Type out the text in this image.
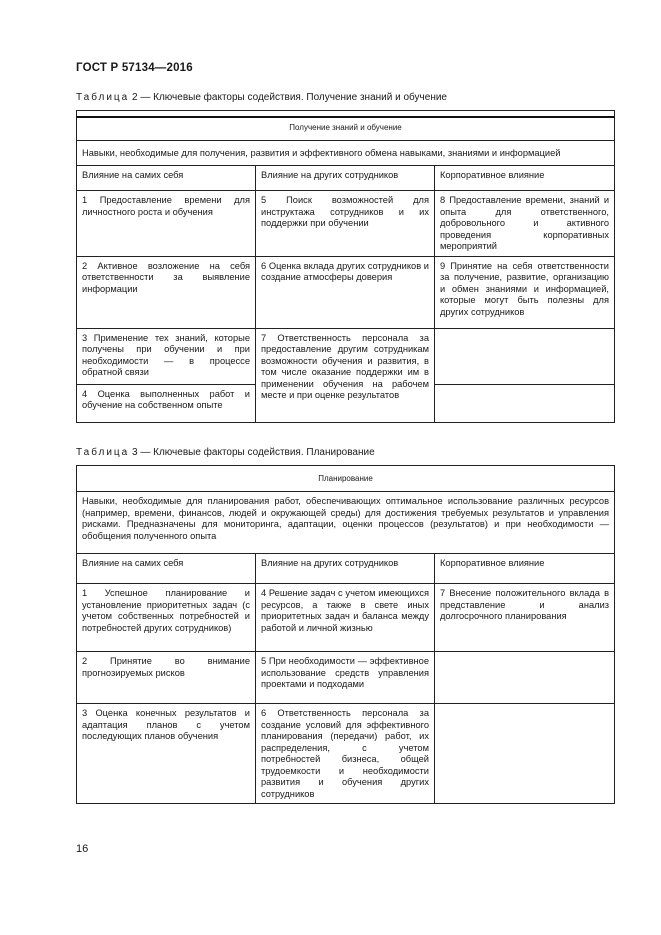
ГОСТ Р 57134—2016
Таблица 2 — Ключевые факторы содействия. Получение знаний и обучение

Получение знаний и обучение		
Навыки, необходимые для получения, развития и эффективного обмена навыками, знаниями и информацией		
Влияние на самих себя	Влияние на других сотрудников	Корпоративное влияние
1 Предоставление времени для личностного роста и обучения	5 Поиск возможностей для инструктажа сотрудников и их поддержки при обучении	8 Предоставление времени, знаний и опыта для ответственного, добровольного и активного проведения корпоративных мероприятий
2 Активное возложение на себя ответственности за выявление информации	6 Оценка вклада других сотрудников и создание атмосферы доверия	9 Принятие на себя ответственности за получение, развитие, организацию и обмен знаниями и информацией, которые могут быть полезны для других сотрудников
3 Применение тех знаний, которые получены при обучении и при необходимости — в процессе обратной связи	7 Ответственность персонала за предоставление другим сотрудникам возможности обучения и развития, в том числе оказание поддержки им в применении обучения на рабочем месте и при оценке результатов	
4 Оценка выполненных работ и обучение на собственном опыте		
Таблица 3 — Ключевые факторы содействия. Планирование
Планирование		
Навыки, необходимые для планирования работ, обеспечивающих оптимальное использование различных ресурсов (например, времени, финансов, людей и окружающей среды) для достижения требуемых результатов и управления рисками. Предназначены для мониторинга, адаптации, оценки процессов (результатов) и при необходимости — обобщения полученного опыта		
Влияние на самих себя	Влияние на других сотрудников	Корпоративное влияние
1 Успешное планирование и установление приоритетных задач (с учетом собственных потребностей и потребностей других сотрудников)	4 Решение задач с учетом имеющихся ресурсов, а также в свете иных приоритетных задач и баланса между работой и личной жизнью	7 Внесение положительного вклада в представление и анализ долгосрочного планирования
2 Принятие во внимание прогнозируемых рисков	5 При необходимости — эффективное использование средств управления проектами и подходами	
3 Оценка конечных результатов и адаптация планов с учетом последующих планов обучения	6 Ответственность персонала за создание условий для эффективного планирования (передачи) работ, их распределения, с учетом потребностей бизнеса, общей трудоемкости и необходимости развития и обучения других сотрудников	
16
